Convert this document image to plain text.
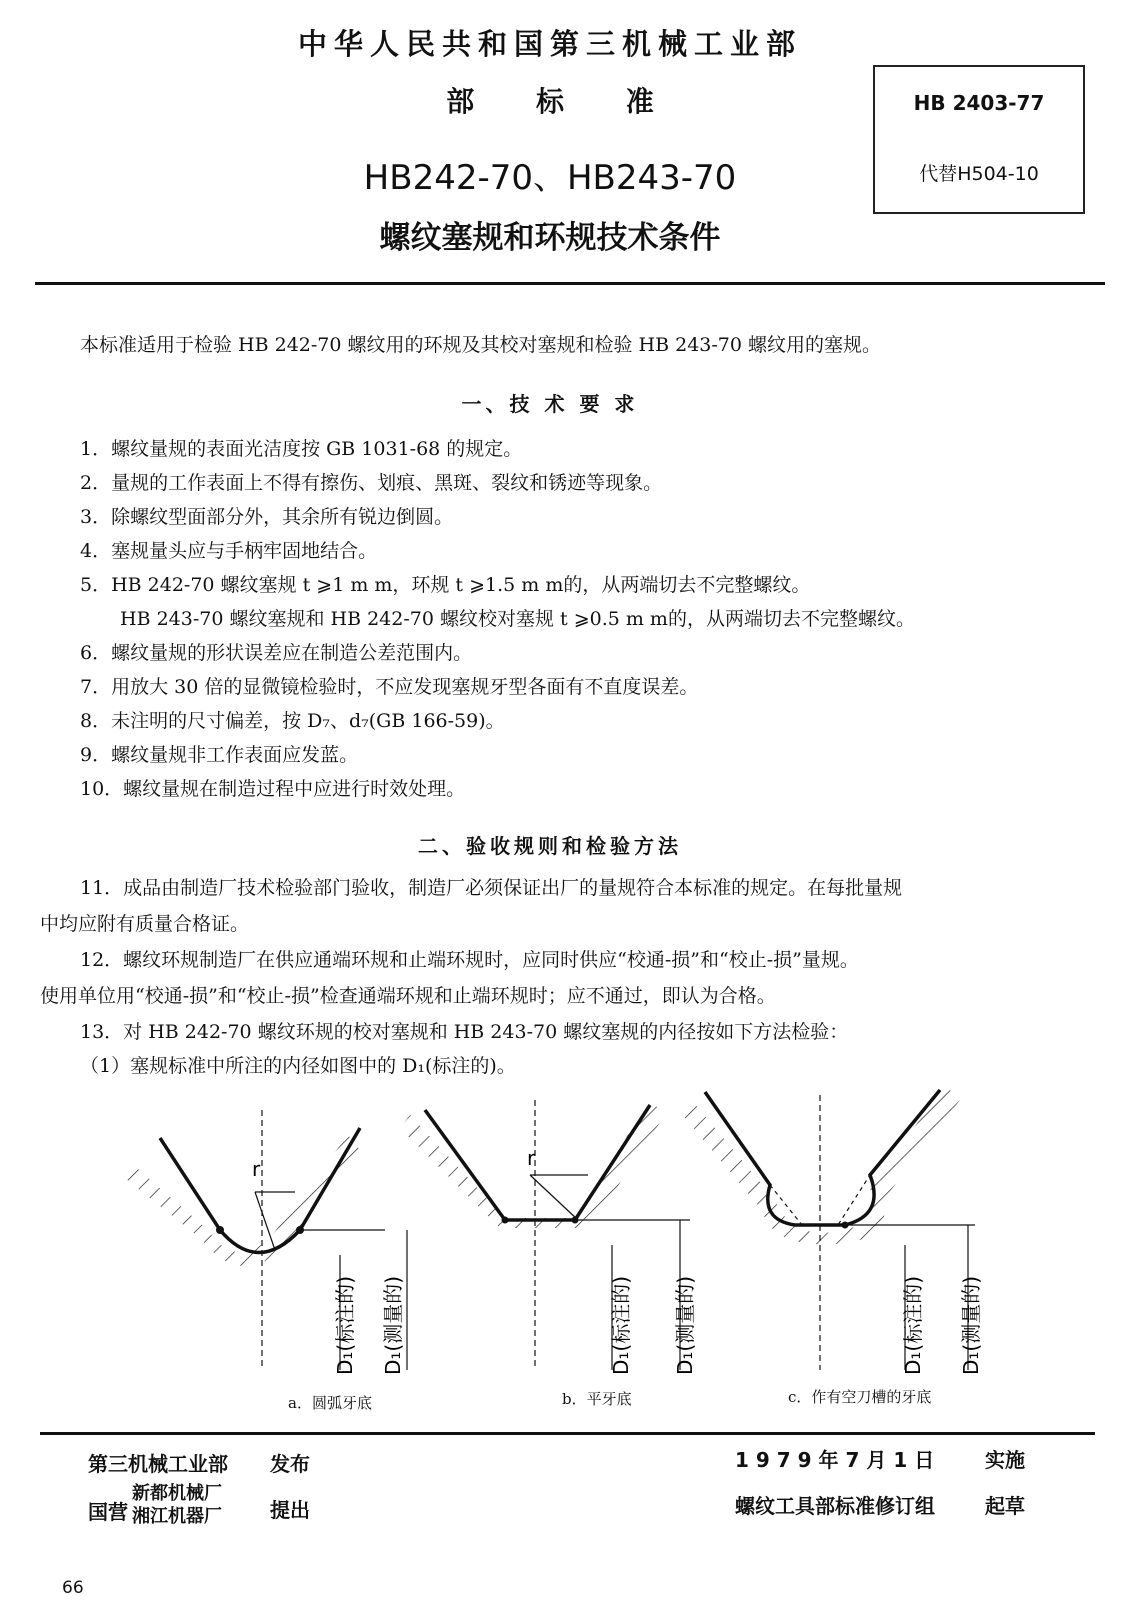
中华人民共和国第三机械工业部
部 标 准
HB242-70、HB243-70
螺纹塞规和环规技术条件
HB 2403-77
代替H504-10
本标准适用于检验 HB 242-70 螺纹用的环规及其校对塞规和检验 HB 243-70 螺纹用的塞规。
一、技 术 要 求
1．螺纹量规的表面光洁度按 GB 1031-68 的规定。
2．量规的工作表面上不得有擦伤、划痕、黑斑、裂纹和锈迹等现象。
3．除螺纹型面部分外，其余所有锐边倒圆。
4．塞规量头应与手柄牢固地结合。
5．HB 242-70 螺纹塞规 t ⩾1 m m，环规 t ⩾1.5 m m的，从两端切去不完整螺纹。
HB 243-70 螺纹塞规和 HB 242-70 螺纹校对塞规 t ⩾0.5 m m的，从两端切去不完整螺纹。
6．螺纹量规的形状误差应在制造公差范围内。
7．用放大 30 倍的显微镜检验时，不应发现塞规牙型各面有不直度误差。
8．未注明的尺寸偏差，按 D₇、d₇(GB 166-59)。
9．螺纹量规非工作表面应发蓝。
10．螺纹量规在制造过程中应进行时效处理。
二、验收规则和检验方法
11．成品由制造厂技术检验部门验收，制造厂必须保证出厂的量规符合本标准的规定。在每批量规
中均应附有质量合格证。
12．螺纹环规制造厂在供应通端环规和止端环规时，应同时供应“校通-损”和“校止-损”量规。
使用单位用“校通-损”和“校止-损”检查通端环规和止端环规时；应不通过，即认为合格。
13．对 HB 242-70 螺纹环规的校对塞规和 HB 243-70 螺纹塞规的内径按如下方法检验：
（1）塞规标准中所注的内径如图中的 D₁(标注的)。
r
D₁(标注的) D₁(测量的)
r
D₁(标注的) D₁(测量的)	D₁(标注的) D₁(测量的)
a．圆弧牙底	b．平牙底	c．作有空刀槽的牙底
第三机械工业部 发布
国营
新都机械厂
湘江机器厂 提出
1 9 7 9 年 7 月 1 日	实施
螺纹工具部标准修订组	起草
66
